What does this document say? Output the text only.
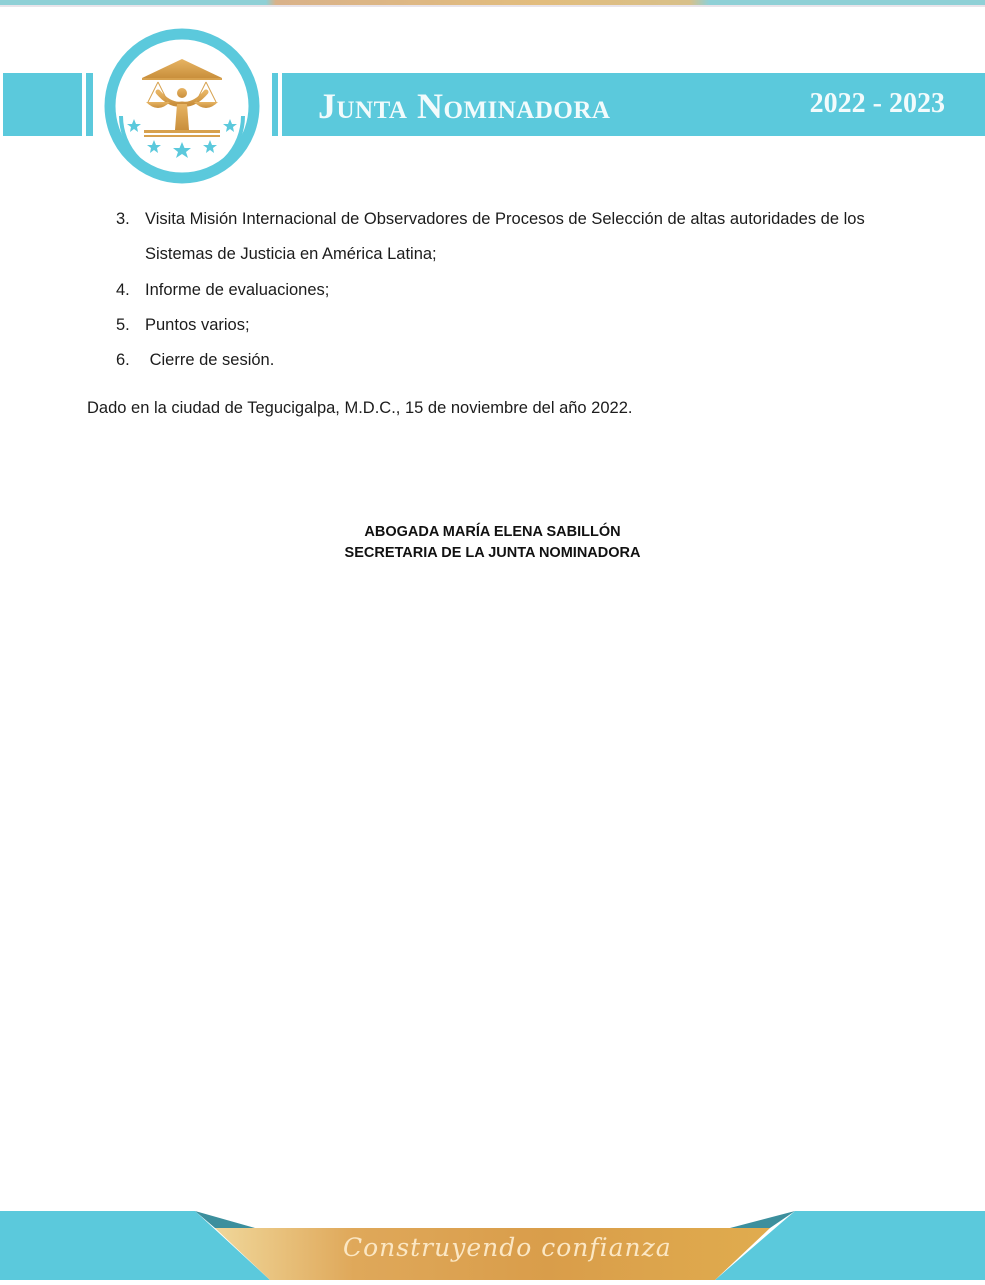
Junta Nominadora	2022 - 2023
3. Visita Misión Internacional de Observadores de Procesos de Selección de altas autoridades de los
Sistemas de Justicia en América Latina;
4. Informe de evaluaciones;
5. Puntos varios;
6. Cierre de sesión.
Dado en la ciudad de Tegucigalpa, M.D.C., 15 de noviembre del año 2022.
ABOGADA MARÍA ELENA SABILLÓN
SECRETARIA DE LA JUNTA NOMINADORA
Construyendo confianza
